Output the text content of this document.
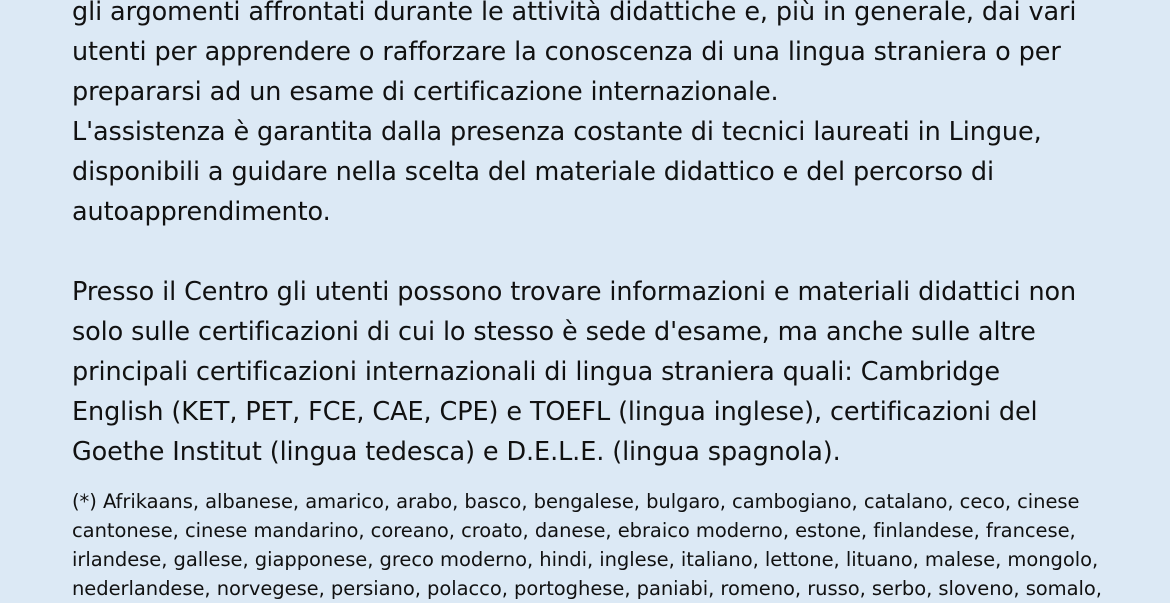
gli argomenti affrontati durante le attività didattiche e, più in generale, dai vari utenti per apprendere o rafforzare la conoscenza di una lingua straniera o per prepararsi ad un esame di certificazione internazionale.

L'assistenza è garantita dalla presenza costante di tecnici laureati in Lingue, disponibili a guidare nella scelta del materiale didattico e del percorso di autoapprendimento.

Presso il Centro gli utenti possono trovare informazioni e materiali didattici non solo sulle certificazioni di cui lo stesso è sede d'esame, ma anche sulle altre principali certificazioni internazionali di lingua straniera quali: Cambridge English (KET, PET, FCE, CAE, CPE) e TOEFL (lingua inglese), certificazioni del Goethe Institut (lingua tedesca) e D.E.L.E. (lingua spagnola).

(*) Afrikaans, albanese, amarico, arabo, basco, bengalese, bulgaro, cambogiano, catalano, ceco, cinese cantonese, cinese mandarino, coreano, croato, danese, ebraico moderno, estone, finlandese, francese, irlandese, gallese, giapponese, greco moderno, hindi, inglese, italiano, lettone, lituano, malese, mongolo, nederlandese, norvegese, persiano, polacco, portoghese, paniabi, romeno, russo, serbo, sloveno, somalo,
